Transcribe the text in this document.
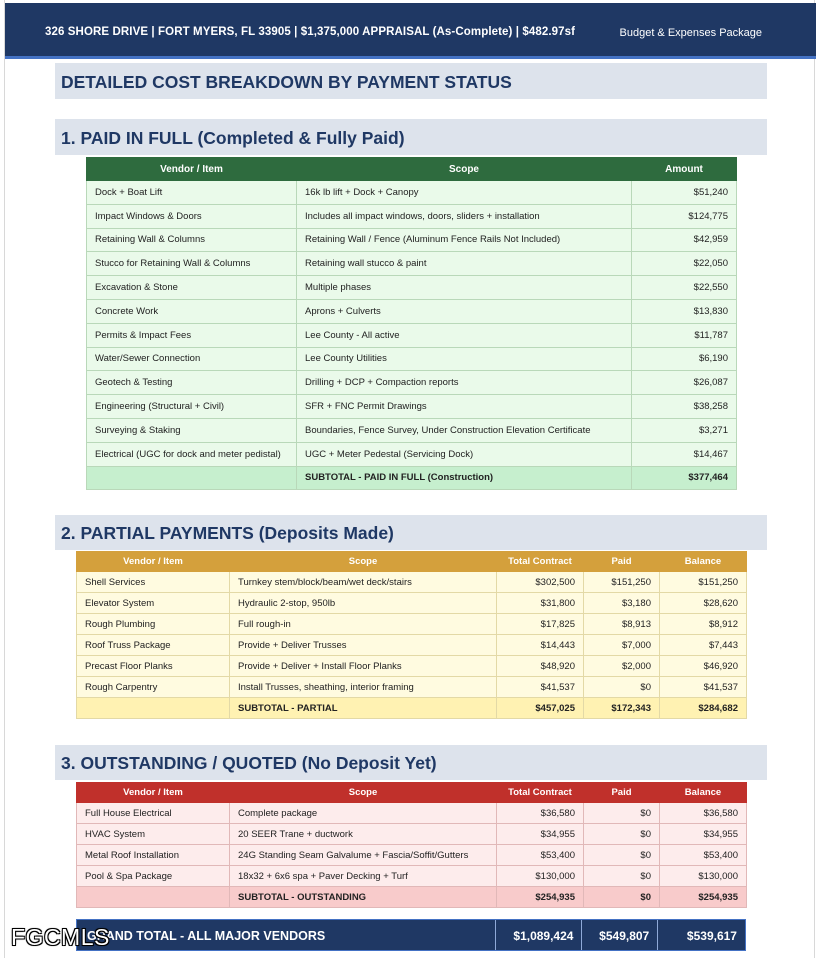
326 SHORE DRIVE | FORT MYERS, FL 33905 | $1,375,000 APPRAISAL (As-Complete) | $482.97sf	Budget & Expenses Package
DETAILED COST BREAKDOWN BY PAYMENT STATUS
1. PAID IN FULL (Completed & Fully Paid)
Vendor / Item	Scope	Amount
Dock + Boat Lift	16k lb lift + Dock + Canopy	$51,240
Impact Windows & Doors	Includes all impact windows, doors, sliders + installation	$124,775
Retaining Wall & Columns	Retaining Wall / Fence (Aluminum Fence Rails Not Included)	$42,959
Stucco for Retaining Wall & Columns	Retaining wall stucco & paint	$22,050
Excavation & Stone	Multiple phases	$22,550
Concrete Work	Aprons + Culverts	$13,830
Permits & Impact Fees	Lee County - All active	$11,787
Water/Sewer Connection	Lee County Utilities	$6,190
Geotech & Testing	Drilling + DCP + Compaction reports	$26,087
Engineering (Structural + Civil)	SFR + FNC Permit Drawings	$38,258
Surveying & Staking	Boundaries, Fence Survey, Under Construction Elevation Certificate	$3,271
Electrical (UGC for dock and meter pedistal)	UGC + Meter Pedestal (Servicing Dock)	$14,467
	SUBTOTAL - PAID IN FULL (Construction)	$377,464
2. PARTIAL PAYMENTS (Deposits Made)
Vendor / Item	Scope	Total Contract	Paid	Balance
Shell Services	Turnkey stem/block/beam/wet deck/stairs	$302,500	$151,250	$151,250
Elevator System	Hydraulic 2-stop, 950lb	$31,800	$3,180	$28,620
Rough Plumbing	Full rough-in	$17,825	$8,913	$8,912
Roof Truss Package	Provide + Deliver Trusses	$14,443	$7,000	$7,443
Precast Floor Planks	Provide + Deliver + Install Floor Planks	$48,920	$2,000	$46,920
Rough Carpentry	Install Trusses, sheathing, interior framing	$41,537	$0	$41,537
	SUBTOTAL - PARTIAL	$457,025	$172,343	$284,682
3. OUTSTANDING / QUOTED (No Deposit Yet)
Vendor / Item	Scope	Total Contract	Paid	Balance
Full House Electrical	Complete package	$36,580	$0	$36,580
HVAC System	20 SEER Trane + ductwork	$34,955	$0	$34,955
Metal Roof Installation	24G Standing Seam Galvalume + Fascia/Soffit/Gutters	$53,400	$0	$53,400
Pool & Spa Package	18x32 + 6x6 spa + Paver Decking + Turf	$130,000	$0	$130,000
	SUBTOTAL - OUTSTANDING	$254,935	$0	$254,935
GRAND TOTAL - ALL MAJOR VENDORS	$1,089,424	$549,807	$539,617
FGCMLS
